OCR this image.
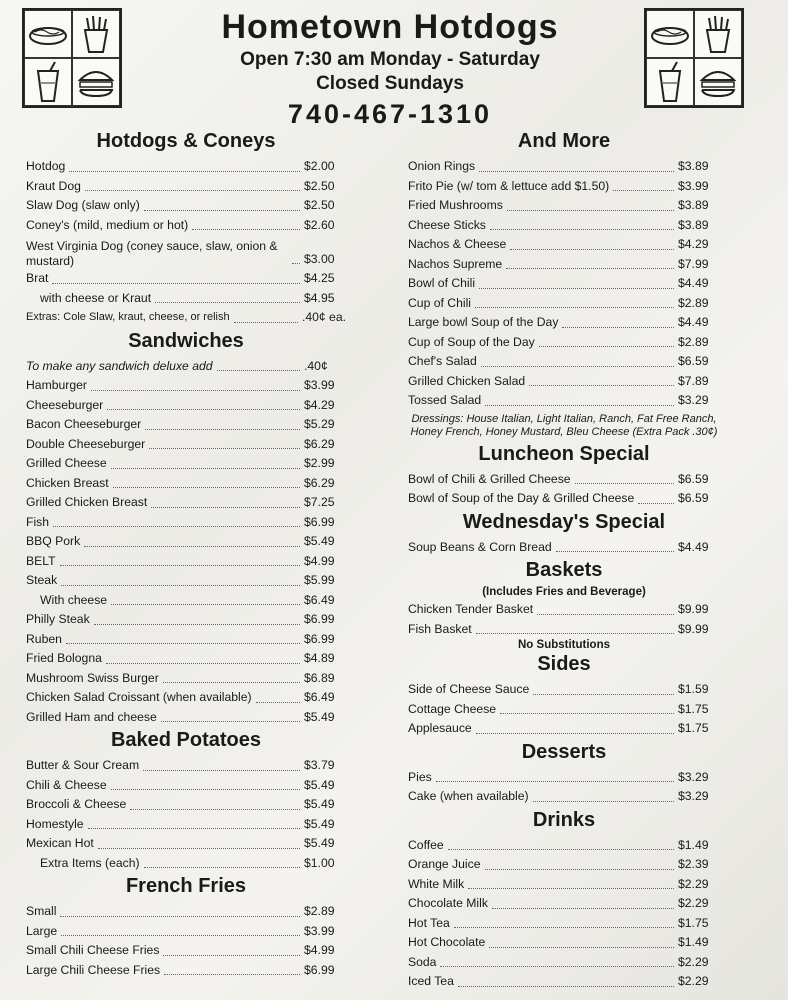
Hometown Hotdogs
Open 7:30 am Monday - Saturday
Closed Sundays
740-467-1310
Hotdogs & Coneys
Hotdog	$2.00
Kraut Dog	$2.50
Slaw Dog (slaw only)	$2.50
Coney's (mild, medium or hot)	$2.60
West Virginia Dog (coney sauce, slaw, onion & mustard)	$3.00
Brat	$4.25
with cheese or Kraut	$4.95
Extras: Cole Slaw, kraut, cheese, or relish	.40¢ ea.
Sandwiches
To make any sandwich deluxe add	.40¢
Hamburger	$3.99
Cheeseburger	$4.29
Bacon Cheeseburger	$5.29
Double Cheeseburger	$6.29
Grilled Cheese	$2.99
Chicken Breast	$6.29
Grilled Chicken Breast	$7.25
Fish	$6.99
BBQ Pork	$5.49
BELT	$4.99
Steak	$5.99
With cheese	$6.49
Philly Steak	$6.99
Ruben	$6.99
Fried Bologna	$4.89
Mushroom Swiss Burger	$6.89
Chicken Salad Croissant (when available)	$6.49
Grilled Ham and cheese	$5.49
Baked Potatoes
Butter & Sour Cream	$3.79
Chili & Cheese	$5.49
Broccoli & Cheese	$5.49
Homestyle	$5.49
Mexican Hot	$5.49
Extra Items (each)	$1.00
French Fries
Small	$2.89
Large	$3.99
Small Chili Cheese Fries	$4.99
Large Chili Cheese Fries	$6.99
And More
Onion Rings	$3.89
Frito Pie (w/ tom & lettuce add $1.50)	$3.99
Fried Mushrooms	$3.89
Cheese Sticks	$3.89
Nachos & Cheese	$4.29
Nachos Supreme	$7.99
Bowl of Chili	$4.49
Cup of Chili	$2.89
Large bowl Soup of the Day	$4.49
Cup of Soup of the Day	$2.89
Chef's Salad	$6.59
Grilled Chicken Salad	$7.89
Tossed Salad	$3.29
Dressings: House Italian, Light Italian, Ranch, Fat Free Ranch, Honey French, Honey Mustard, Bleu Cheese (Extra Pack .30¢)
Luncheon Special
Bowl of Chili & Grilled Cheese	$6.59
Bowl of Soup of the Day & Grilled Cheese	$6.59
Wednesday's Special
Soup Beans & Corn Bread	$4.49
Baskets
(Includes Fries and Beverage)
Chicken Tender Basket	$9.99
Fish Basket	$9.99
No Substitutions
Sides
Side of Cheese Sauce	$1.59
Cottage Cheese	$1.75
Applesauce	$1.75
Desserts
Pies	$3.29
Cake (when available)	$3.29
Drinks
Coffee	$1.49
Orange Juice	$2.39
White Milk	$2.29
Chocolate Milk	$2.29
Hot Tea	$1.75
Hot Chocolate	$1.49
Soda	$2.29
Iced Tea	$2.29
